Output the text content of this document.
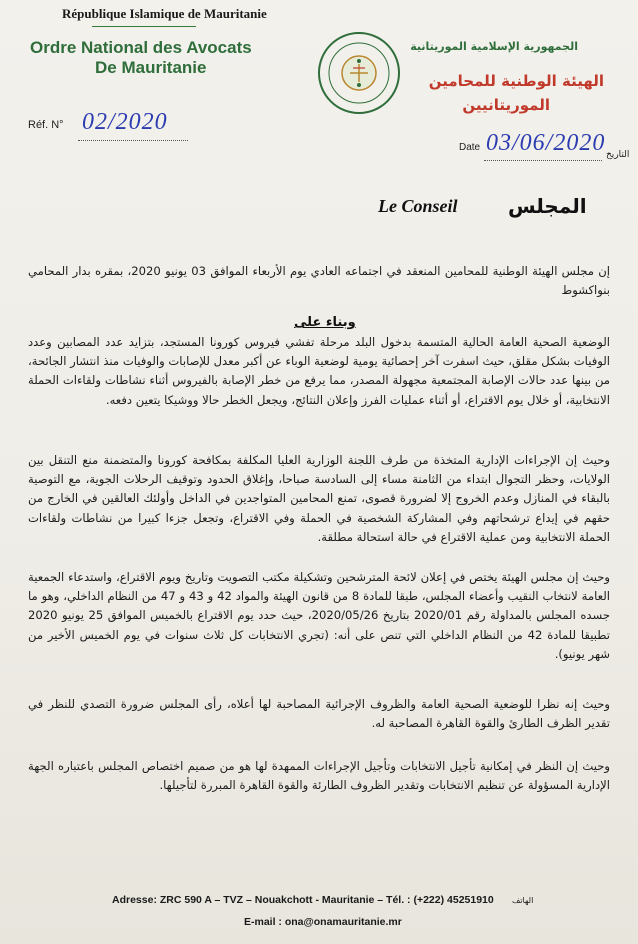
République Islamique de Mauritanie
Ordre National des Avocats
De Mauritanie
الجمهورية الإسلامية الموريتانية
الهيئة الوطنية للمحامين
الموريتانيين
Réf. N° 02/2020
Date 03/06/2020 التاريخ
Le Conseil	المجلس
إن مجلس الهيئة الوطنية للمحامين المنعقد في اجتماعه العادي يوم الأربعاء الموافق 03 يونيو 2020، بمقره بدار المحامي بنواكشوط
وبناء على
الوضعية الصحية العامة الحالية المتسمة بدخول البلد مرحلة تفشي فيروس كورونا المستجد، بتزايد عدد المصابين وعدد الوفيات بشكل مقلق، حيث اسفرت آخر إحصائية يومية لوضعية الوباء عن أكبر معدل للإصابات والوفيات منذ انتشار الجائحة، من بينها عدد حالات الإصابة المجتمعية مجهولة المصدر، مما يرفع من خطر الإصابة بالفيروس أثناء نشاطات ولقاءات الحملة الانتخابية، أو خلال يوم الاقتراع، أو أثناء عمليات الفرز وإعلان النتائج، ويجعل الخطر حالا ووشيكا يتعين دفعه.
وحيث إن الإجراءات الإدارية المتخذة من طرف اللجنة الوزارية العليا المكلفة بمكافحة كورونا والمتضمنة منع التنقل بين الولايات، وحظر التجوال ابتداء من الثامنة مساء إلى السادسة صباحا، وإغلاق الحدود وتوقيف الرحلات الجوية، مع التوصية بالبقاء في المنازل وعدم الخروج إلا لضرورة قصوى، تمنع المحامين المتواجدين في الداخل وأولئك العالقين في الخارج من حقهم في إيداع ترشحاتهم وفي المشاركة الشخصية في الحملة وفي الاقتراع، وتجعل جزءا كبيرا من نشاطات ولقاءات الحملة الانتخابية ومن عملية الاقتراع في حالة استحالة مطلقة.
وحيث إن مجلس الهيئة يختص في إعلان لائحة المترشحين وتشكيلة مكتب التصويت وتاريخ ويوم الاقتراع، واستدعاء الجمعية العامة لانتخاب النقيب وأعضاء المجلس، طبقا للمادة 8 من قانون الهيئة والمواد 42 و 43 و 47 من النظام الداخلي، وهو ما جسده المجلس بالمداولة رقم 2020/01 بتاريخ 2020/05/26، حيث حدد يوم الاقتراع بالخميس الموافق 25 يونيو 2020 تطبيقا للمادة 42 من النظام الداخلي التي تنص على أنه: (تجري الانتخابات كل ثلاث سنوات في يوم الخميس الأخير من شهر يونيو).
وحيث إنه نظرا للوضعية الصحية العامة والظروف الإجرائية المصاحبة لها أعلاه، رأى المجلس ضرورة التصدي للنظر في تقدير الظرف الطارئ والقوة القاهرة المصاحبة له.
وحيث إن النظر في إمكانية تأجيل الانتخابات وتأجيل الإجراءات الممهدة لها هو من صميم اختصاص المجلس باعتباره الجهة الإدارية المسؤولة عن تنظيم الانتخابات وتقدير الظروف الطارئة والقوة القاهرة المبررة لتأجيلها.
Adresse: ZRC 590 A – TVZ – Nouakchott - Mauritanie – Tél. : (+222) 45251910 الهاتف
E-mail : ona@onamauritanie.mr
